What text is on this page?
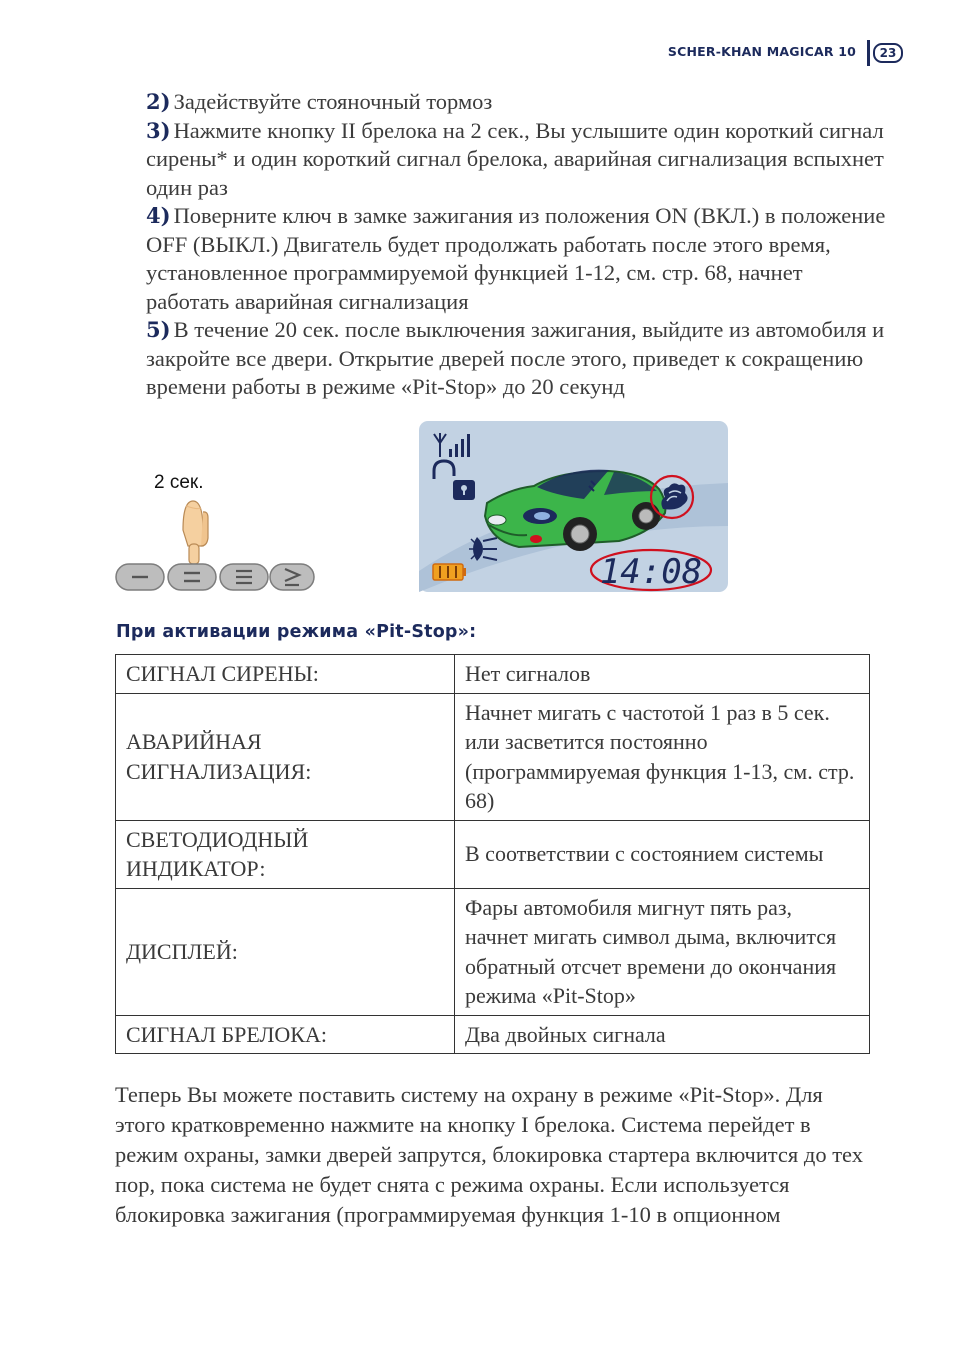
SCHER-KHAN MAGICAR 10	23
2) Задействуйте стояночный тормоз
3) Нажмите кнопку II брелока на 2 сек., Вы услышите один короткий сигнал сирены* и один короткий сигнал брелока, аварийная сигнализация вспыхнет один раз
4) Поверните ключ в замке зажигания из положения ON (ВКЛ.) в положение OFF (ВЫКЛ.) Двигатель будет продолжать работать после этого время, установленное программируемой функцией 1-12, см. стр. 68, начнет работать аварийная сигнализация
5) В течение 20 сек. после выключения зажигания, выйдите из автомобиля и закройте все двери. Открытие дверей после этого, приведет к сокращению времени работы в режиме «Pit-Stop» до 20 секунд
2 сек.
14:08
При активации режима «Pit-Stop»:
СИГНАЛ СИРЕНЫ:	Нет сигналов
АВАРИЙНАЯ СИГНАЛИЗАЦИЯ:	Начнет мигать с частотой 1 раз в 5 сек. или засветится постоянно (программируемая функция 1-13, см. стр. 68)
СВЕТОДИОДНЫЙ ИНДИКАТОР:	В соответствии с состоянием системы
ДИСПЛЕЙ:	Фары автомобиля мигнут пять раз, начнет мигать символ дыма, включится обратный отсчет времени до окончания режима «Pit-Stop»
СИГНАЛ БРЕЛОКА:	Два двойных сигнала
Теперь Вы можете поставить систему на охрану в режиме «Pit-Stop». Для этого кратковременно нажмите на кнопку I брелока. Система перейдет в режим охраны, замки дверей запрутся, блокировка стартера включится до тех пор, пока система не будет снята с режима охраны. Если используется блокировка зажигания (программируемая функция 1-10 в опционном
